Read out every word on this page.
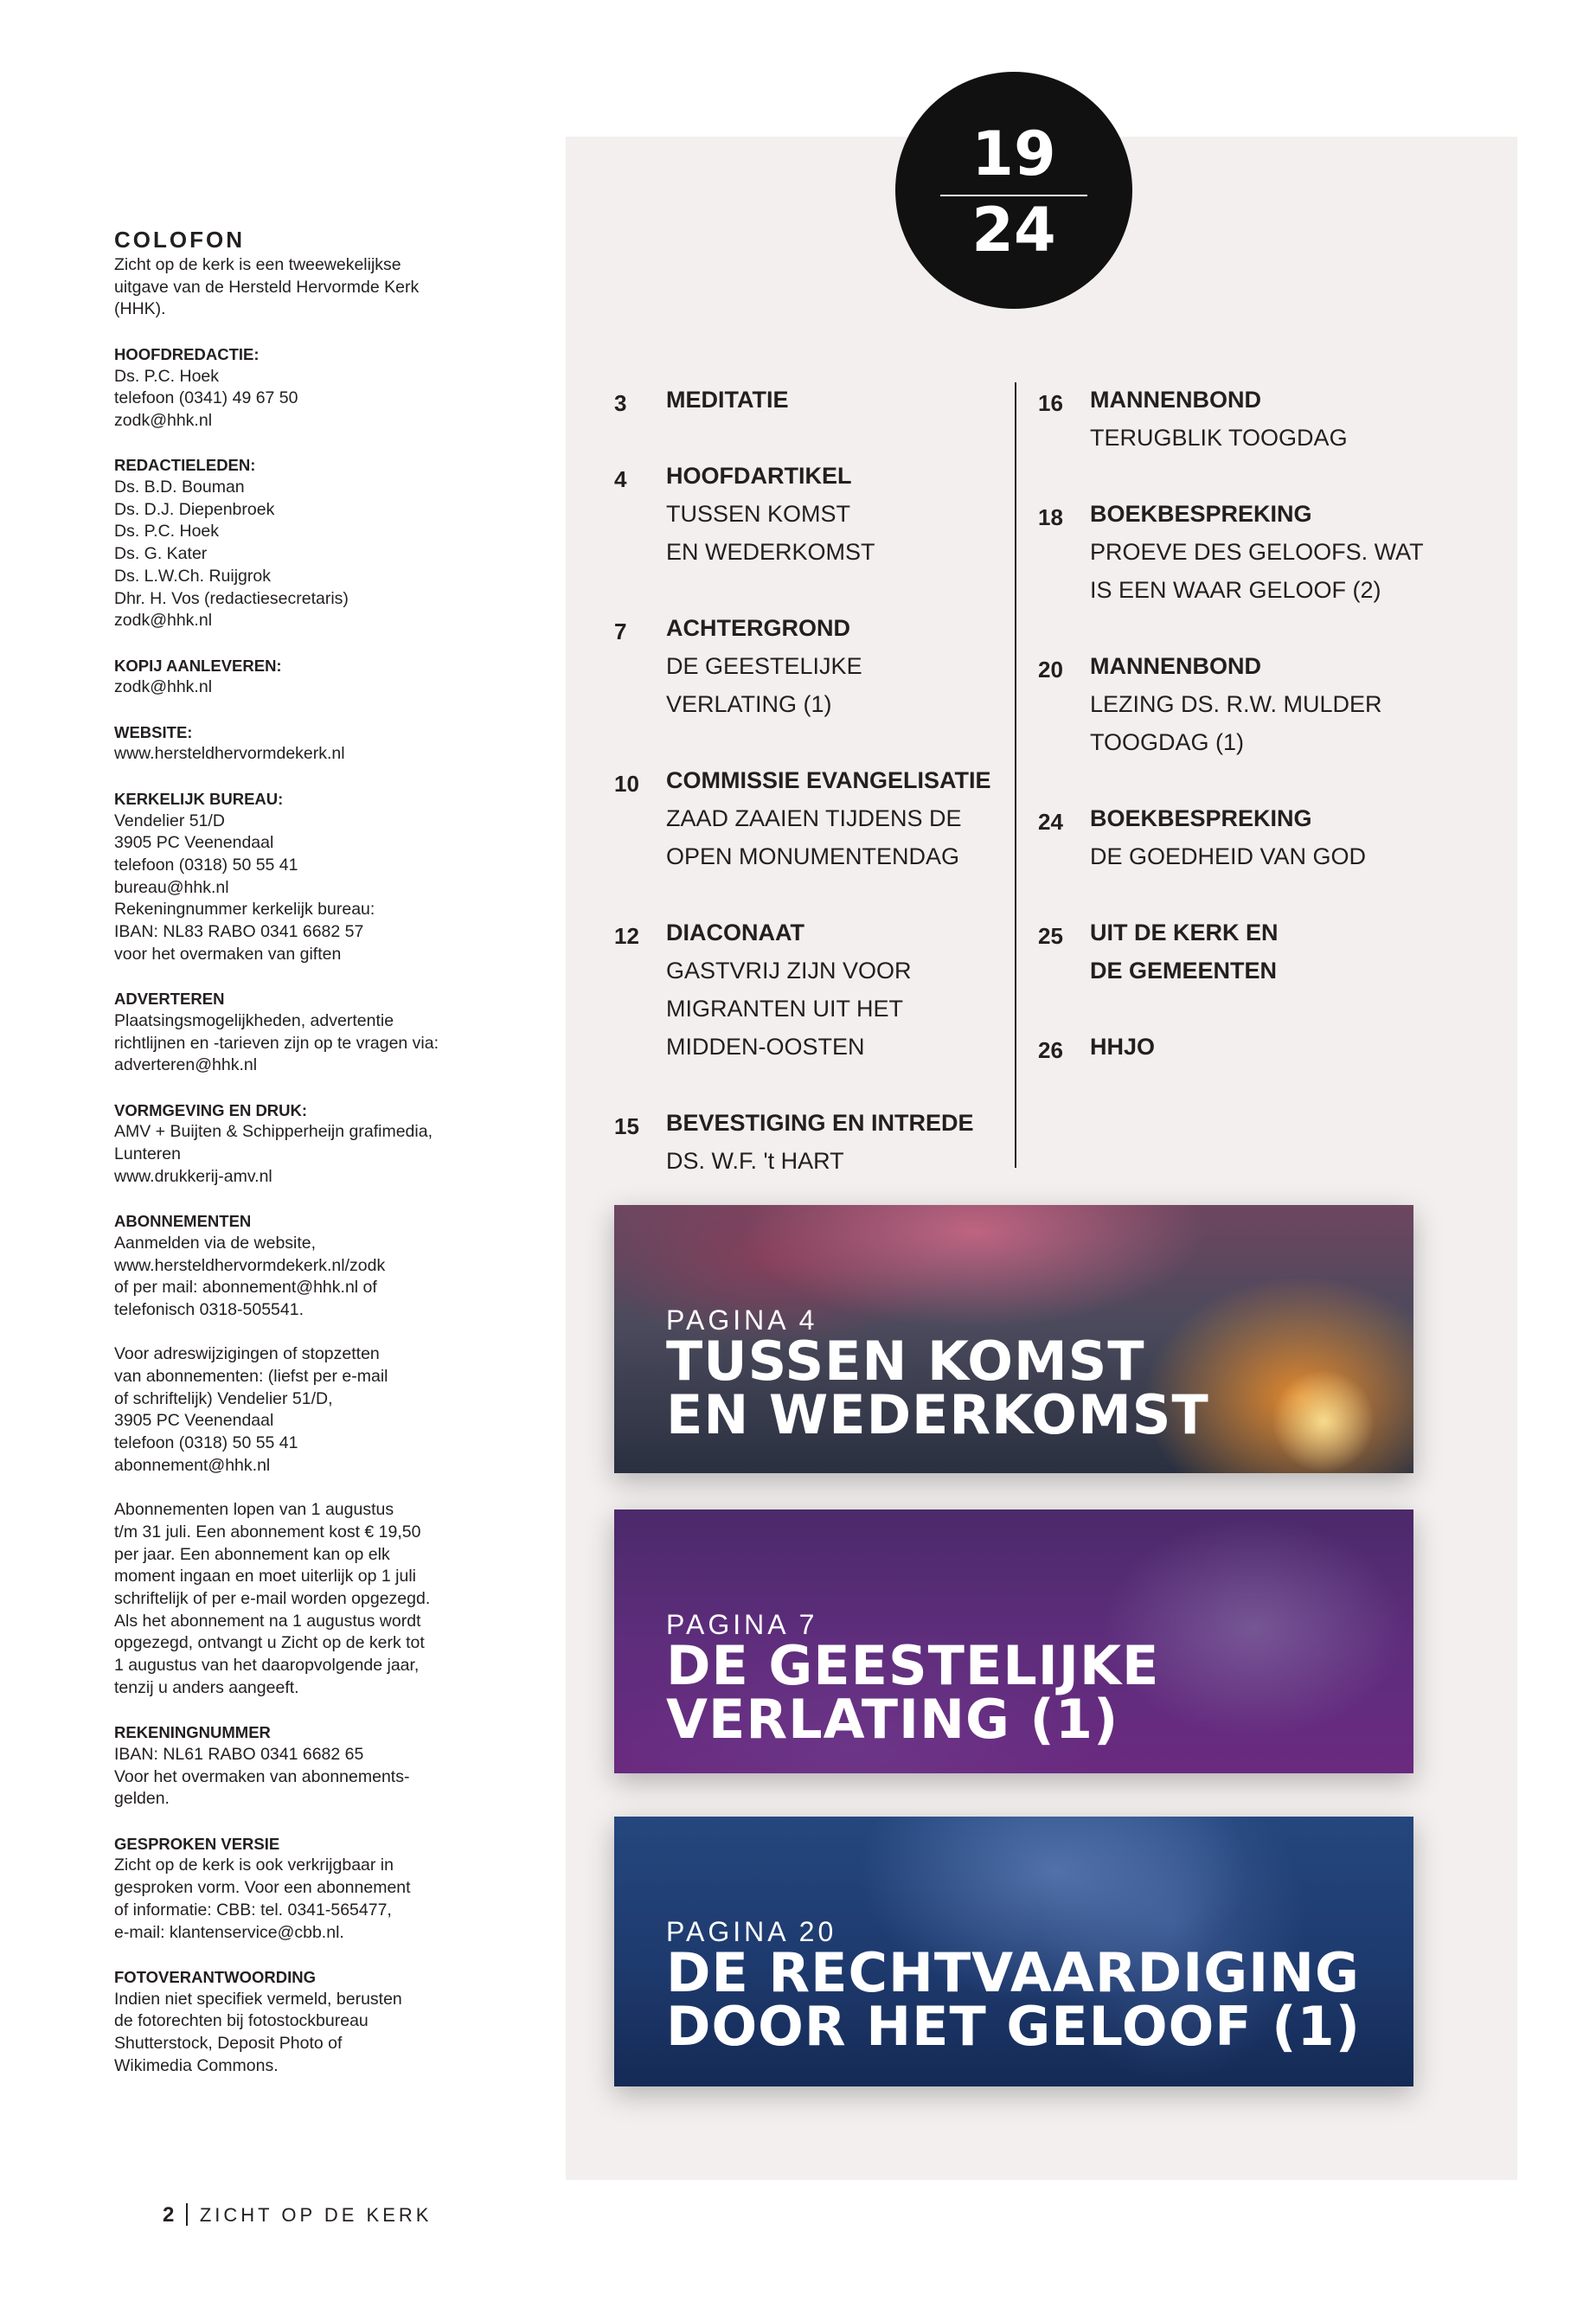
19
24
COLOFON
Zicht op de kerk is een tweewekelijkse
uitgave van de Hersteld Hervormde Kerk
(HHK).
HOOFDREDACTIE:
Ds. P.C. Hoek
telefoon (0341) 49 67 50
zodk@hhk.nl
REDACTIELEDEN:
Ds. B.D. Bouman
Ds. D.J. Diepenbroek
Ds. P.C. Hoek
Ds. G. Kater
Ds. L.W.Ch. Ruijgrok
Dhr. H. Vos (redactiesecretaris)
zodk@hhk.nl
KOPIJ AANLEVEREN:
zodk@hhk.nl
WEBSITE:
www.hersteldhervormdekerk.nl
KERKELIJK BUREAU:
Vendelier 51/D
3905 PC Veenendaal
telefoon (0318) 50 55 41
bureau@hhk.nl
Rekeningnummer kerkelijk bureau:
IBAN: NL83 RABO 0341 6682 57
voor het overmaken van giften
ADVERTEREN
Plaatsingsmogelijkheden, advertentie
richtlijnen en -tarieven zijn op te vragen via:
adverteren@hhk.nl
VORMGEVING EN DRUK:
AMV + Buijten & Schipperheijn grafimedia,
Lunteren
www.drukkerij-amv.nl
ABONNEMENTEN
Aanmelden via de website,
www.hersteldhervormdekerk.nl/zodk
of per mail: abonnement@hhk.nl of
telefonisch 0318-505541.

Voor adreswijzigingen of stopzetten
van abonnementen: (liefst per e-mail
of schriftelijk) Vendelier 51/D,
3905 PC Veenendaal
telefoon (0318) 50 55 41
abonnement@hhk.nl

Abonnementen lopen van 1 augustus
t/m 31 juli. Een abonnement kost € 19,50
per jaar. Een abonnement kan op elk
moment ingaan en moet uiterlijk op 1 juli
schriftelijk of per e-mail worden opgezegd.
Als het abonnement na 1 augustus wordt
opgezegd, ontvangt u Zicht op de kerk tot
1 augustus van het daaropvolgende jaar,
tenzij u anders aangeeft.
REKENINGNUMMER
IBAN: NL61 RABO 0341 6682 65
Voor het overmaken van abonnements-
gelden.
GESPROKEN VERSIE
Zicht op de kerk is ook verkrijgbaar in
gesproken vorm. Voor een abonnement
of informatie: CBB: tel. 0341-565477,
e-mail: klantenservice@cbb.nl.
FOTOVERANTWOORDING
Indien niet specifiek vermeld, berusten
de fotorechten bij fotostockbureau
Shutterstock, Deposit Photo of
Wikimedia Commons.
3 MEDITATIE
4 HOOFDARTIKEL
TUSSEN KOMST
EN WEDERKOMST
7 ACHTERGROND
DE GEESTELIJKE
VERLATING (1)
10 COMMISSIE EVANGELISATIE
ZAAD ZAAIEN TIJDENS DE
OPEN MONUMENTENDAG
12 DIACONAAT
GASTVRIJ ZIJN VOOR
MIGRANTEN UIT HET
MIDDEN-OOSTEN
15 BEVESTIGING EN INTREDE
DS. W.F. 't HART
16 MANNENBOND
TERUGBLIK TOOGDAG
18 BOEKBESPREKING
PROEVE DES GELOOFS. WAT
IS EEN WAAR GELOOF (2)
20 MANNENBOND
LEZING DS. R.W. MULDER
TOOGDAG (1)
24 BOEKBESPREKING
DE GOEDHEID VAN GOD
25 UIT DE KERK EN
DE GEMEENTEN
26 HHJO
PAGINA 4
TUSSEN KOMST
EN WEDERKOMST
PAGINA 7
DE GEESTELIJKE
VERLATING (1)
PAGINA 20
DE RECHTVAARDIGING
DOOR HET GELOOF (1)
2 ZICHT OP DE KERK
